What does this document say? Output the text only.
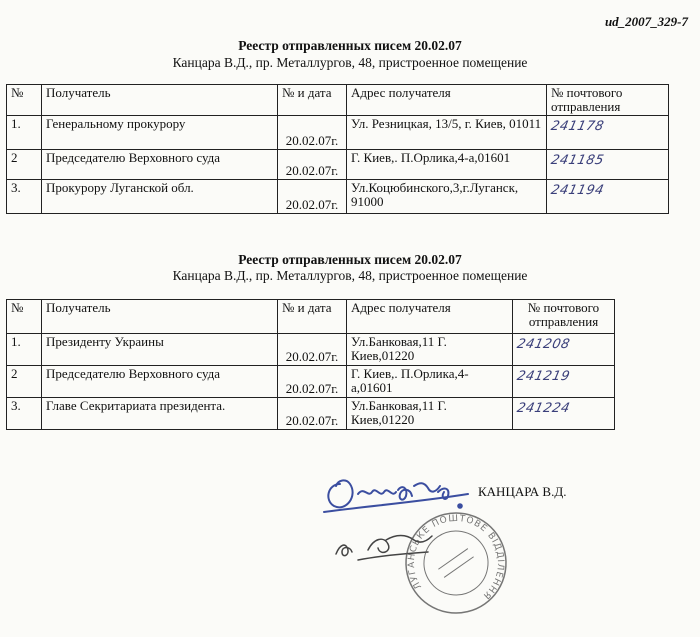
ud_2007_329-7
Реестр отправленных писем 20.02.07
Канцара В.Д., пр. Металлургов, 48, пристроенное помещение
№	Получатель	№ и дата	Адрес получателя	№ почтового отправления
1.	Генеральному прокурору	20.02.07г.	Ул. Резницкая, 13/5, г. Киев, 01011	241178
2	Председателю Верховного суда	20.02.07г.	Г. Киев,. П.Орлика,4-а,01601	241185
3.	Прокурору Луганской обл.	20.02.07г.	Ул.Коцюбинского,3,г.Луганск, 91000	241194
Реестр отправленных писем 20.02.07
Канцара В.Д., пр. Металлургов, 48, пристроенное помещение
№	Получатель	№ и дата	Адрес получателя	№ почтового отправления
1.	Президенту Украины	20.02.07г.	Ул.Банковая,11 Г. Киев,01220	241208
2	Председателю Верховного суда	20.02.07г.	Г. Киев,. П.Орлика,4-а,01601	241219
3.	Главе Секритариата президента.	20.02.07г.	Ул.Банковая,11 Г. Киев,01220	241224
КАНЦАРА В.Д.
ЛУГАНСЬКЕ ПОШТОВЕ ВІДДІЛЕННЯ
